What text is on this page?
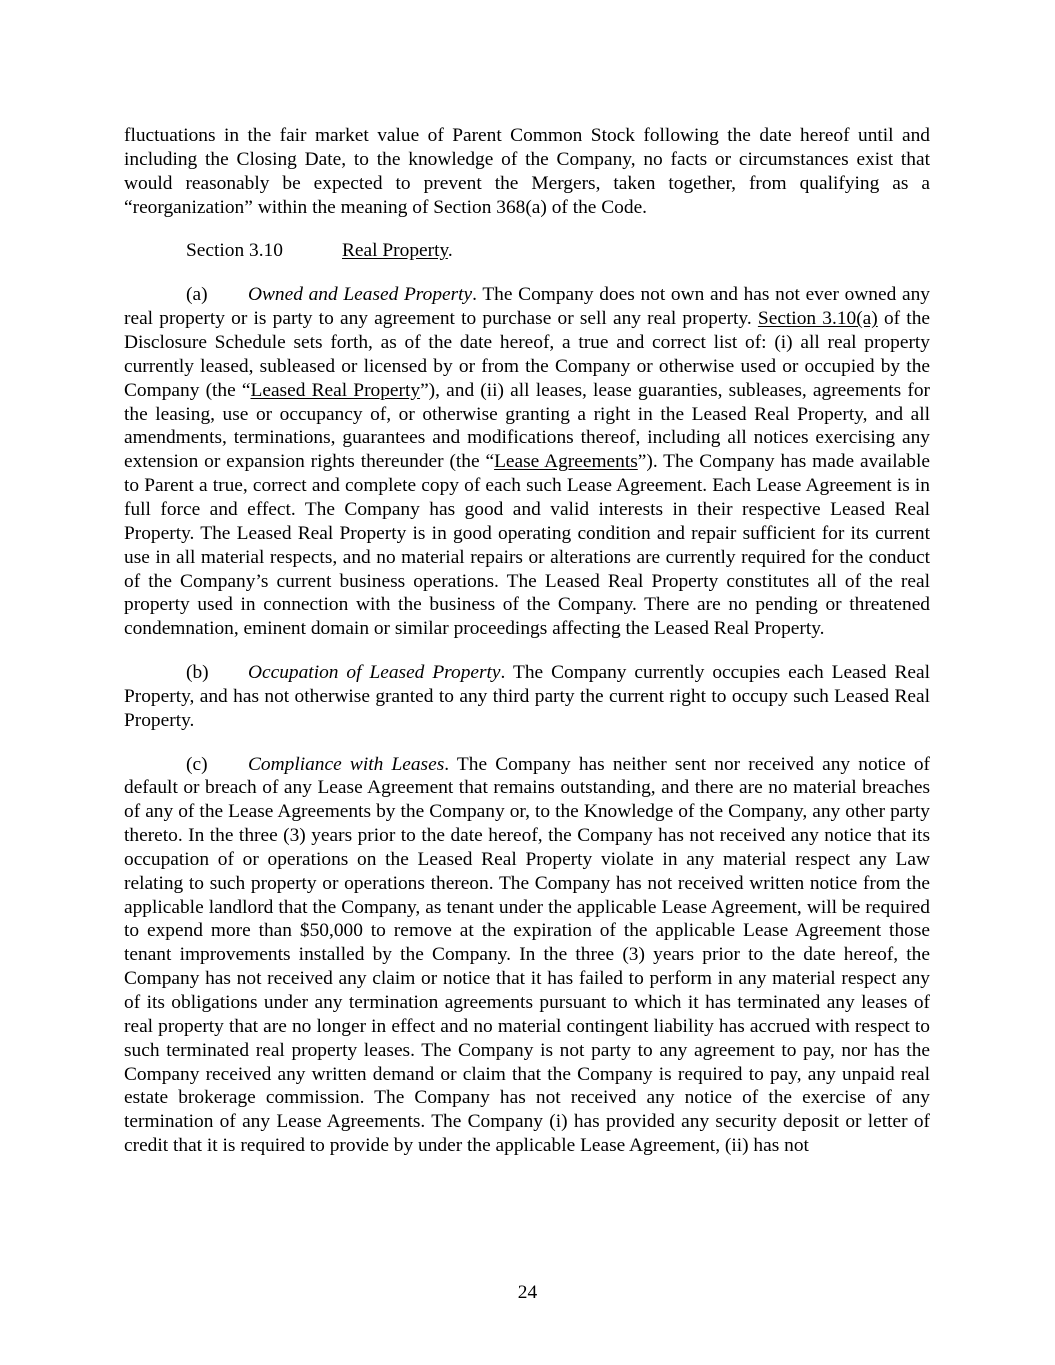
fluctuations in the fair market value of Parent Common Stock following the date hereof until and including the Closing Date, to the knowledge of the Company, no facts or circumstances exist that would reasonably be expected to prevent the Mergers, taken together, from qualifying as a “reorganization” within the meaning of Section 368(a) of the Code.

Section 3.10	Real Property.

(a) Owned and Leased Property. The Company does not own and has not ever owned any real property or is party to any agreement to purchase or sell any real property. Section 3.10(a) of the Disclosure Schedule sets forth, as of the date hereof, a true and correct list of: (i) all real property currently leased, subleased or licensed by or from the Company or otherwise used or occupied by the Company (the “Leased Real Property”), and (ii) all leases, lease guaranties, subleases, agreements for the leasing, use or occupancy of, or otherwise granting a right in the Leased Real Property, and all amendments, terminations, guarantees and modifications thereof, including all notices exercising any extension or expansion rights thereunder (the “Lease Agreements”). The Company has made available to Parent a true, correct and complete copy of each such Lease Agreement. Each Lease Agreement is in full force and effect. The Company has good and valid interests in their respective Leased Real Property. The Leased Real Property is in good operating condition and repair sufficient for its current use in all material respects, and no material repairs or alterations are currently required for the conduct of the Company’s current business operations. The Leased Real Property constitutes all of the real property used in connection with the business of the Company. There are no pending or threatened condemnation, eminent domain or similar proceedings affecting the Leased Real Property.

(b) Occupation of Leased Property. The Company currently occupies each Leased Real Property, and has not otherwise granted to any third party the current right to occupy such Leased Real Property.

(c) Compliance with Leases. The Company has neither sent nor received any notice of default or breach of any Lease Agreement that remains outstanding, and there are no material breaches of any of the Lease Agreements by the Company or, to the Knowledge of the Company, any other party thereto. In the three (3) years prior to the date hereof, the Company has not received any notice that its occupation of or operations on the Leased Real Property violate in any material respect any Law relating to such property or operations thereon. The Company has not received written notice from the applicable landlord that the Company, as tenant under the applicable Lease Agreement, will be required to expend more than $50,000 to remove at the expiration of the applicable Lease Agreement those tenant improvements installed by the Company. In the three (3) years prior to the date hereof, the Company has not received any claim or notice that it has failed to perform in any material respect any of its obligations under any termination agreements pursuant to which it has terminated any leases of real property that are no longer in effect and no material contingent liability has accrued with respect to such terminated real property leases. The Company is not party to any agreement to pay, nor has the Company received any written demand or claim that the Company is required to pay, any unpaid real estate brokerage commission. The Company has not received any notice of the exercise of any termination of any Lease Agreements. The Company (i) has provided any security deposit or letter of credit that it is required to provide by under the applicable Lease Agreement, (ii) has not

24
